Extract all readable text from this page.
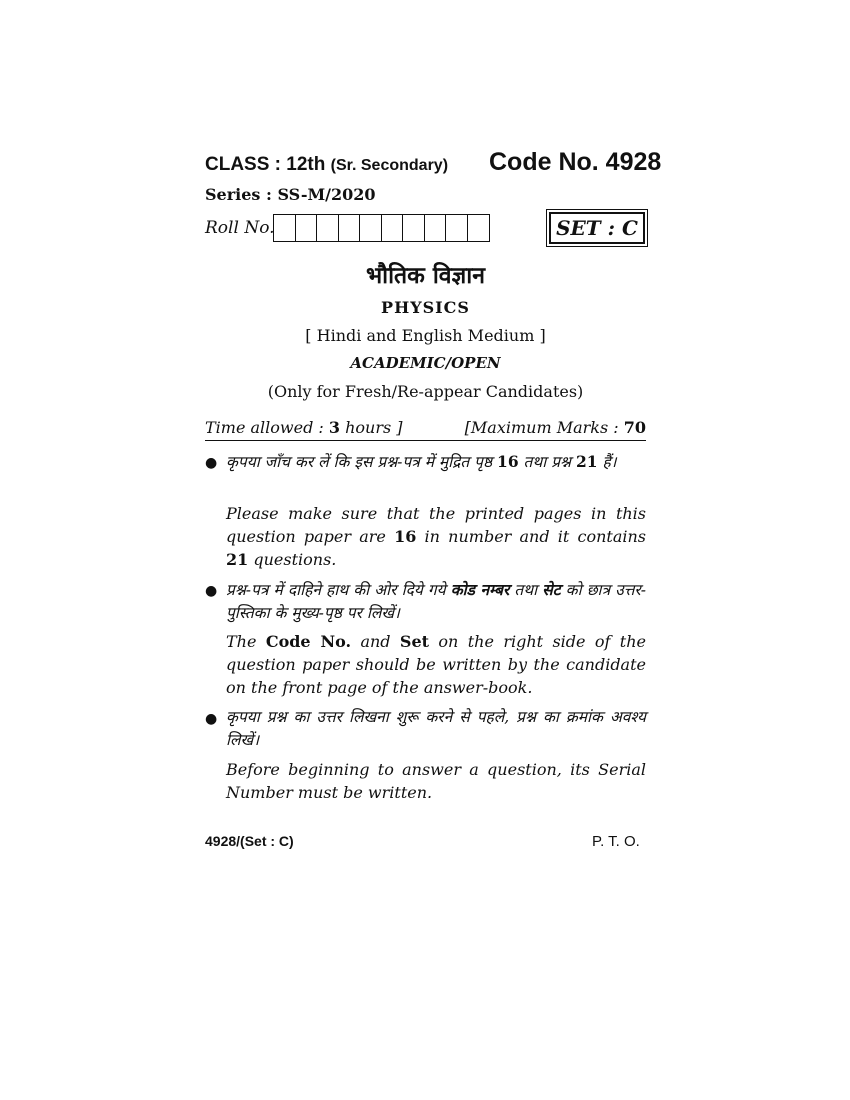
CLASS : 12th (Sr. Secondary) Code No. 4928
Series : SS-M/2020
Roll No.	SET : C
भौतिक विज्ञान
PHYSICS
[ Hindi and English Medium ]
ACADEMIC/OPEN
(Only for Fresh/Re-appear Candidates)
Time allowed : 3 hours ]	[Maximum Marks : 70
● कृपया जाँच कर लें कि इस प्रश्न-पत्र में मुद्रित पृष्ठ 16 तथा प्रश्न 21 हैं।
Please make sure that the printed pages in this question paper are 16 in number and it contains 21 questions.
● प्रश्न-पत्र में दाहिने हाथ की ओर दिये गये कोड नम्बर तथा सेट को छात्र उत्तर-पुस्तिका के मुख्य-पृष्ठ पर लिखें।
The Code No. and Set on the right side of the question paper should be written by the candidate on the front page of the answer-book.
● कृपया प्रश्न का उत्तर लिखना शुरू करने से पहले, प्रश्न का क्रमांक अवश्य लिखें।
Before beginning to answer a question, its Serial Number must be written.
4928/(Set : C)	P. T. O.
